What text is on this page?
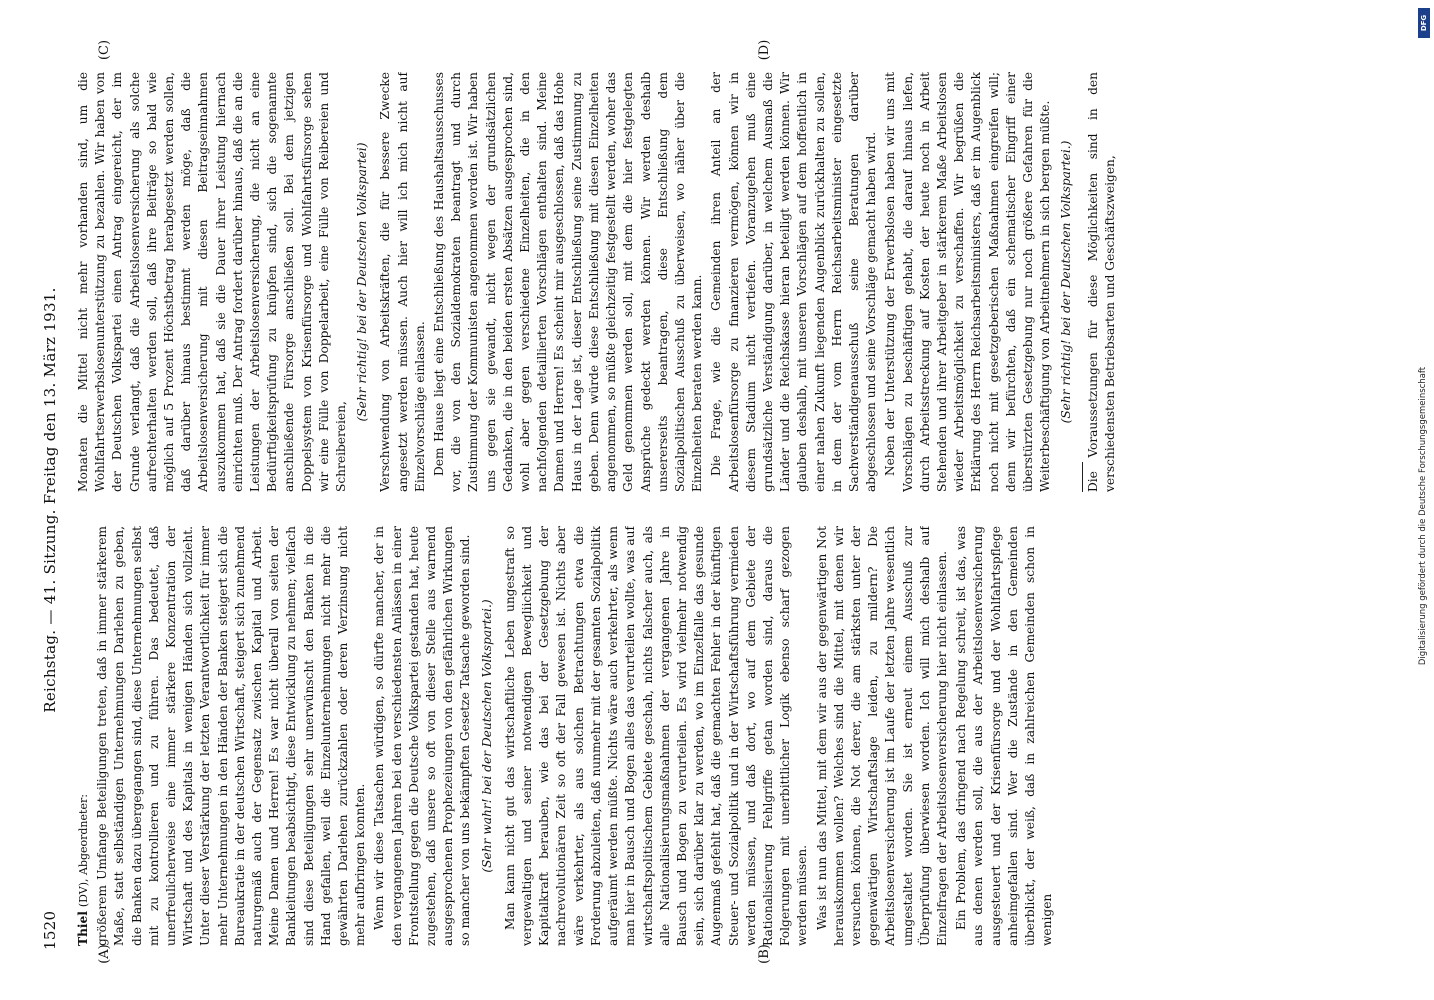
1520
Reichstag. — 41. Sitzung. Freitag den 13. März 1931.
(A)	(B)
(C)	(D)

Thiel (DV), Abgeordneter: größerem Umfange Beteiligungen treten, daß in immer stärkerem Maße, statt selbständigen Unternehmungen Darlehen zu geben, die Banken dazu übergegangen sind, diese Unternehmungen selbst mit zu kontrollieren und zu führen. Das bedeutet, daß unerfreulicherweise eine immer stärkere Konzentration der Wirtschaft und des Kapitals in wenigen Händen sich vollzieht. Unter dieser Verstärkung der letzten Verantwortlichkeit für immer mehr Unternehmungen in den Händen der Banken steigert sich die Bureaukratie in der deutschen Wirtschaft, steigert sich zunehmend naturgemäß auch der Gegensatz zwischen Kapital und Arbeit. Meine Damen und Herren! Es war nicht überall von seiten der Bankleitungen beabsichtigt, diese Entwicklung zu nehmen; vielfach sind diese Beteiligungen sehr unerwünscht den Banken in die Hand gefallen, weil die Einzelunternehmungen nicht mehr die gewährten Darlehen zurückzahlen oder deren Verzinsung nicht mehr aufbringen konnten. Wenn wir diese Tatsachen würdigen, so dürfte mancher, der in den vergangenen Jahren bei den verschiedensten Anlässen in einer Frontstellung gegen die Deutsche Volkspartei gestanden hat, heute zugestehen, daß unsere so oft von dieser Stelle aus warnend ausgesprochenen Prophezeiungen von den gefährlichen Wirkungen so mancher von uns bekämpften Gesetze Tatsache geworden sind. (Sehr wahr! bei der Deutschen Volkspartei.) Man kann nicht gut das wirtschaftliche Leben ungestraft so vergewaltigen und seiner notwendigen Bewegliichkeit und Kapitalkraft berauben, wie das bei der Gesetzgebung der nachrevolutionären Zeit so oft der Fall gewesen ist. Nichts aber wäre verkehrter, als aus solchen Betrachtungen etwa die Forderung abzuleiten, daß nunmehr mit der gesamten Sozialpolitik aufgeräumt werden müßte. Nichts wäre auch verkehrter, als wenn man hier in Bausch und Bogen alles das verurteilen wollte, was auf wirtschaftspolitischem Gebiete geschah, nichts falscher auch, als alle Nationalisierungsmaßnahmen der vergangenen Jahre in Bausch und Bogen zu verurteilen. Es wird vielmehr notwendig sein, sich darüber klar zu werden, wo im Einzelfalle das gesunde Augenmaß gefehlt hat, daß die gemachten Fehler in der künftigen Steuer- und Sozialpolitik und in der Wirtschaftsführung vermieden werden müssen, und daß dort, wo auf dem Gebiete der Rationalisierung Fehlgriffe getan worden sind, daraus die Folgerungen mit unerbittlicher Logik ebenso scharf gezogen werden müssen. Was ist nun das Mittel, mit dem wir aus der gegenwärtigen Not herauskommen wollen? Welches sind die Mittel, mit denen wir versuchen können, die Not derer, die am stärksten unter der gegenwärtigen Wirtschaftslage leiden, zu mildern? Die Arbeitslosenversicherung ist im Laufe der letzten Jahre wesentlich umgestaltet worden. Sie ist erneut einem Ausschuß zur Überprüfung überwiesen worden. Ich will mich deshalb auf Einzelfragen der Arbeitslosenversicherung hier nicht einlassen. Ein Problem, das dringend nach Regelung schreit, ist das, was aus denen werden soll, die aus der Arbeitslosenversicherung ausgesteuert und der Krisenfürsorge und der Wohlfahrtspflege anheimgefallen sind. Wer die Zustände in den Gemeinden überblickt, der weiß, daß in zahlreichen Gemeinden schon in wenigen

Monaten die Mittel nicht mehr vorhanden sind, um die Wohlfahrtserwerbslosenunterstützung zu bezahlen. Wir haben von der Deutschen Volkspartei einen Antrag eingereicht, der im Grunde verlangt, daß die Arbeitslosenversicherung als solche aufrechterhalten werden soll, daß ihre Beiträge so bald wie möglich auf 5 Prozent Höchstbetrag herabgesetzt werden sollen, daß darüber hinaus bestimmt werden möge, daß die Arbeitslosenversicherung mit diesen Beitragseinnahmen auszukommen hat, daß sie die Dauer ihrer Leistung hiernach einrichten muß. Der Antrag fordert darüber hinaus, daß die an die Leistungen der Arbeitslosenversicherung, die nicht an eine Bedürftigkeitsprüfung zu knüpfen sind, sich die sogenannte anschließende Fürsorge anschließen soll. Bei dem jetzigen Doppelsystem von Krisenfürsorge und Wohlfahrtsfürsorge sehen wir eine Fülle von Doppelarbeit, eine Fülle von Reibereien und Schreibereien,

(Sehr richtig! bei der Deutschen Volkspartei) Verschwendung von Arbeitskräften, die für bessere Zwecke angesetzt werden müssen. Auch hier will ich mich nicht auf Einzelvorschläge einlassen. Dem Hause liegt eine Entschließung des Haushaltsausschusses vor, die von den Sozialdemokraten beantragt und durch Zustimmung der Kommunisten angenommen worden ist. Wir haben uns gegen sie gewandt, nicht wegen der grundsätzlichen Gedanken, die in den beiden ersten Absätzen ausgesprochen sind, wohl aber gegen verschiedene Einzelheiten, die in den nachfolgenden detaillierten Vorschlägen enthalten sind. Meine Damen und Herren! Es scheint mir ausgeschlossen, daß das Hohe Haus in der Lage ist, dieser Entschließung seine Zustimmung zu geben. Denn würde diese Entschließung mit diesen Einzelheiten angenommen, so müßte gleichzeitig festgestellt werden, woher das Geld genommen werden soll, mit dem die hier festgelegten Ansprüche gedeckt werden können. Wir werden deshalb unsererseits beantragen, diese Entschließung dem Sozialpolitischen Ausschuß zu überweisen, wo näher über die Einzelheiten beraten werden kann. Die Frage, wie die Gemeinden ihren Anteil an der Arbeitslosenfürsorge zu finanzieren vermögen, können wir in diesem Stadium nicht vertiefen. Voranzugehen muß eine grundsätzliche Verständigung darüber, in welchem Ausmaß die Länder und die Reichskasse hieran beteiligt werden können. Wir glauben deshalb, mit unseren Vorschlägen auf dem hoffentlich in einer nahen Zukunft liegenden Augenblick zurückhalten zu sollen, in dem der vom Herrn Reichsarbeitsminister eingesetzte Sachverständigenausschuß seine Beratungen darüber abgeschlossen und seine Vorschläge gemacht haben wird. Neben der Unterstützung der Erwerbslosen haben wir uns mit Vorschlägen zu beschäftigen gehabt, die darauf hinaus liefen, durch Arbeitsstreckung auf Kosten der heute noch in Arbeit Stehenden und ihrer Arbeitgeber in stärkerem Maße Arbeitslosen wieder Arbeitsmöglichkeit zu verschaffen. Wir begrüßen die Erklärung des Herrn Reichsarbeitsministers, daß er im Augenblick noch nicht mit gesetzgeberischen Maßnahmen eingreifen will; denn wir befürchten, daß ein schematischer Eingriff einer überstürzten Gesetzgebung nur noch größere Gefahren für die Weiterbeschäftigung von Arbeitnehmern in sich bergen müßte. (Sehr richtig! bei der Deutschen Volkspartei.) Die Voraussetzungen für diese Möglichkeiten sind in den verschiedensten Betriebsarten und Geschäftszweigen,

DFG
Digitalisierung gefördert durch die Deutsche Forschungsgemeinschaft
